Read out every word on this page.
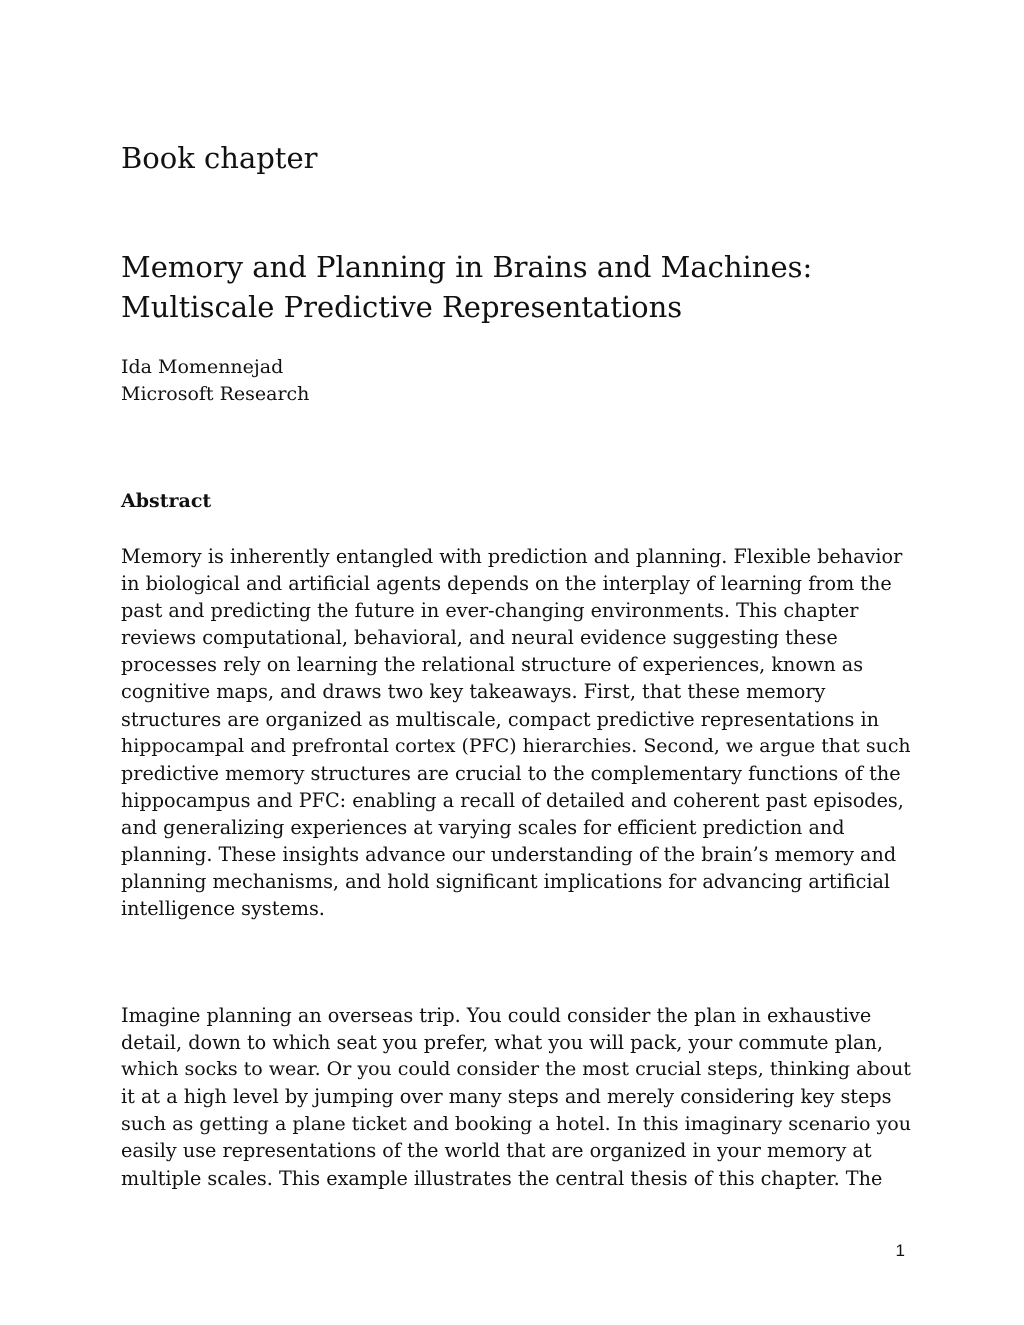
Book chapter
Memory and Planning in Brains and Machines:
Multiscale Predictive Representations
Ida Momennejad
Microsoft Research
Abstract
Memory is inherently entangled with prediction and planning. Flexible behavior
in biological and artificial agents depends on the interplay of learning from the
past and predicting the future in ever-changing environments. This chapter
reviews computational, behavioral, and neural evidence suggesting these
processes rely on learning the relational structure of experiences, known as
cognitive maps, and draws two key takeaways. First, that these memory
structures are organized as multiscale, compact predictive representations in
hippocampal and prefrontal cortex (PFC) hierarchies. Second, we argue that such
predictive memory structures are crucial to the complementary functions of the
hippocampus and PFC: enabling a recall of detailed and coherent past episodes,
and generalizing experiences at varying scales for efficient prediction and
planning. These insights advance our understanding of the brain’s memory and
planning mechanisms, and hold significant implications for advancing artificial
intelligence systems.
Imagine planning an overseas trip. You could consider the plan in exhaustive
detail, down to which seat you prefer, what you will pack, your commute plan,
which socks to wear. Or you could consider the most crucial steps, thinking about
it at a high level by jumping over many steps and merely considering key steps
such as getting a plane ticket and booking a hotel. In this imaginary scenario you
easily use representations of the world that are organized in your memory at
multiple scales. This example illustrates the central thesis of this chapter. The
1
